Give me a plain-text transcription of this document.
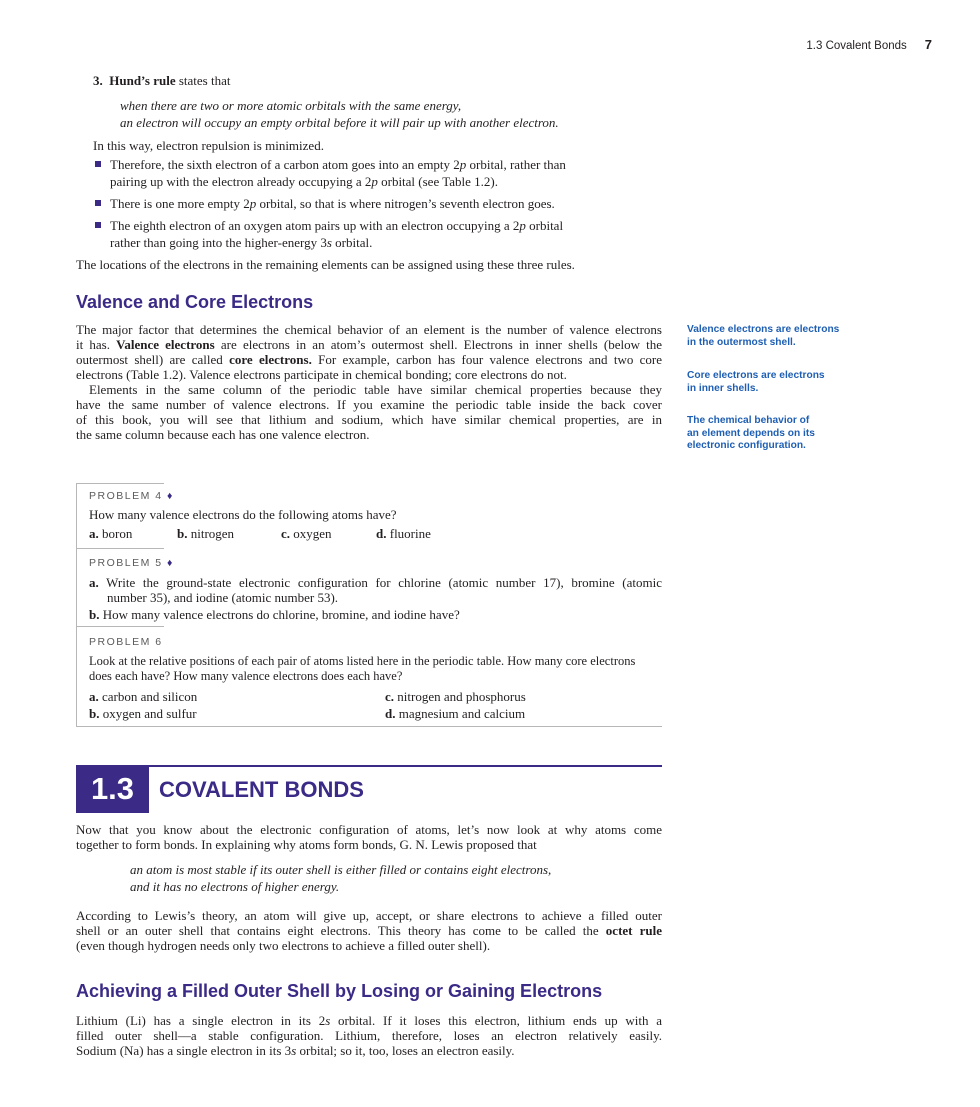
1.3 Covalent Bonds 7
3. Hund’s rule states that
when there are two or more atomic orbitals with the same energy,
an electron will occupy an empty orbital before it will pair up with another electron.
In this way, electron repulsion is minimized.
Therefore, the sixth electron of a carbon atom goes into an empty 2p orbital, rather than
pairing up with the electron already occupying a 2p orbital (see Table 1.2).
There is one more empty 2p orbital, so that is where nitrogen’s seventh electron goes.
The eighth electron of an oxygen atom pairs up with an electron occupying a 2p orbital
rather than going into the higher-energy 3s orbital.
The locations of the electrons in the remaining elements can be assigned using these three rules.
Valence and Core Electrons
The major factor that determines the chemical behavior of an element is the number of valence electrons
it has. Valence electrons are electrons in an atom’s outermost shell. Electrons in inner shells (below the
outermost shell) are called core electrons. For example, carbon has four valence electrons and two core
electrons (Table 1.2). Valence electrons participate in chemical bonding; core electrons do not.
Elements in the same column of the periodic table have similar chemical properties because they
have the same number of valence electrons. If you examine the periodic table inside the back cover
of this book, you will see that lithium and sodium, which have similar chemical properties, are in
the same column because each has one valence electron.
Valence electrons are electrons
in the outermost shell.
Core electrons are electrons
in inner shells.
The chemical behavior of
an element depends on its
electronic configuration.
PROBLEM 4 ♦
How many valence electrons do the following atoms have?
a. boron	b. nitrogen	c. oxygen	d. fluorine
PROBLEM 5 ♦
a. Write the ground-state electronic configuration for chlorine (atomic number 17), bromine (atomic
number 35), and iodine (atomic number 53).
b. How many valence electrons do chlorine, bromine, and iodine have?
PROBLEM 6
Look at the relative positions of each pair of atoms listed here in the periodic table. How many core electrons
does each have? How many valence electrons does each have?
a. carbon and silicon	c. nitrogen and phosphorus
b. oxygen and sulfur	d. magnesium and calcium
1.3	COVALENT BONDS
Now that you know about the electronic configuration of atoms, let’s now look at why atoms come
together to form bonds. In explaining why atoms form bonds, G. N. Lewis proposed that
an atom is most stable if its outer shell is either filled or contains eight electrons,
and it has no electrons of higher energy.
According to Lewis’s theory, an atom will give up, accept, or share electrons to achieve a filled outer
shell or an outer shell that contains eight electrons. This theory has come to be called the octet rule
(even though hydrogen needs only two electrons to achieve a filled outer shell).
Achieving a Filled Outer Shell by Losing or Gaining Electrons
Lithium (Li) has a single electron in its 2s orbital. If it loses this electron, lithium ends up with a
filled outer shell—a stable configuration. Lithium, therefore, loses an electron relatively easily.
Sodium (Na) has a single electron in its 3s orbital; so it, too, loses an electron easily.
